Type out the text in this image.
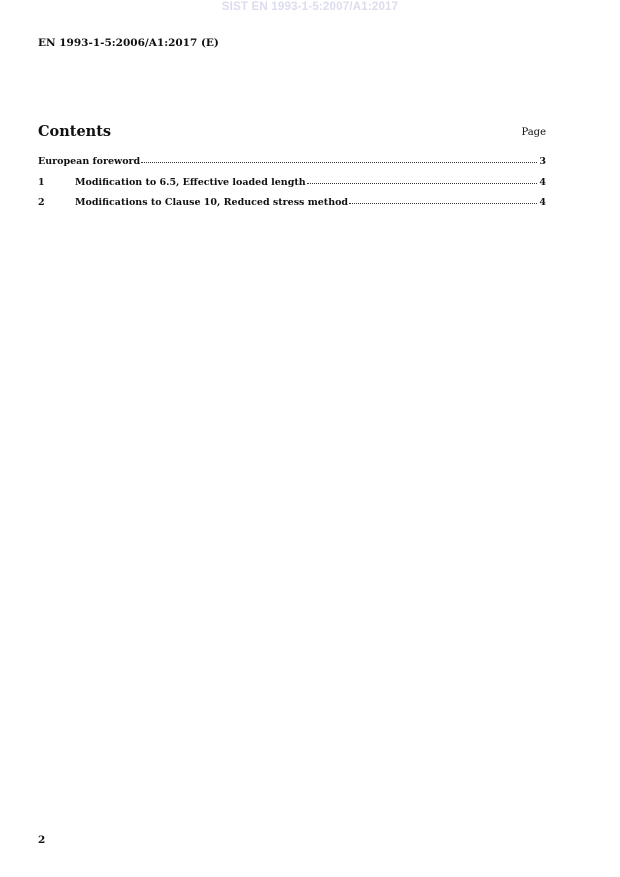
SIST EN 1993-1-5:2007/A1:2017
EN 1993-1-5:2006/A1:2017 (E)
Contents	Page
European foreword	3
1	Modification to 6.5, Effective loaded length	4
2	Modifications to Clause 10, Reduced stress method	4
2
